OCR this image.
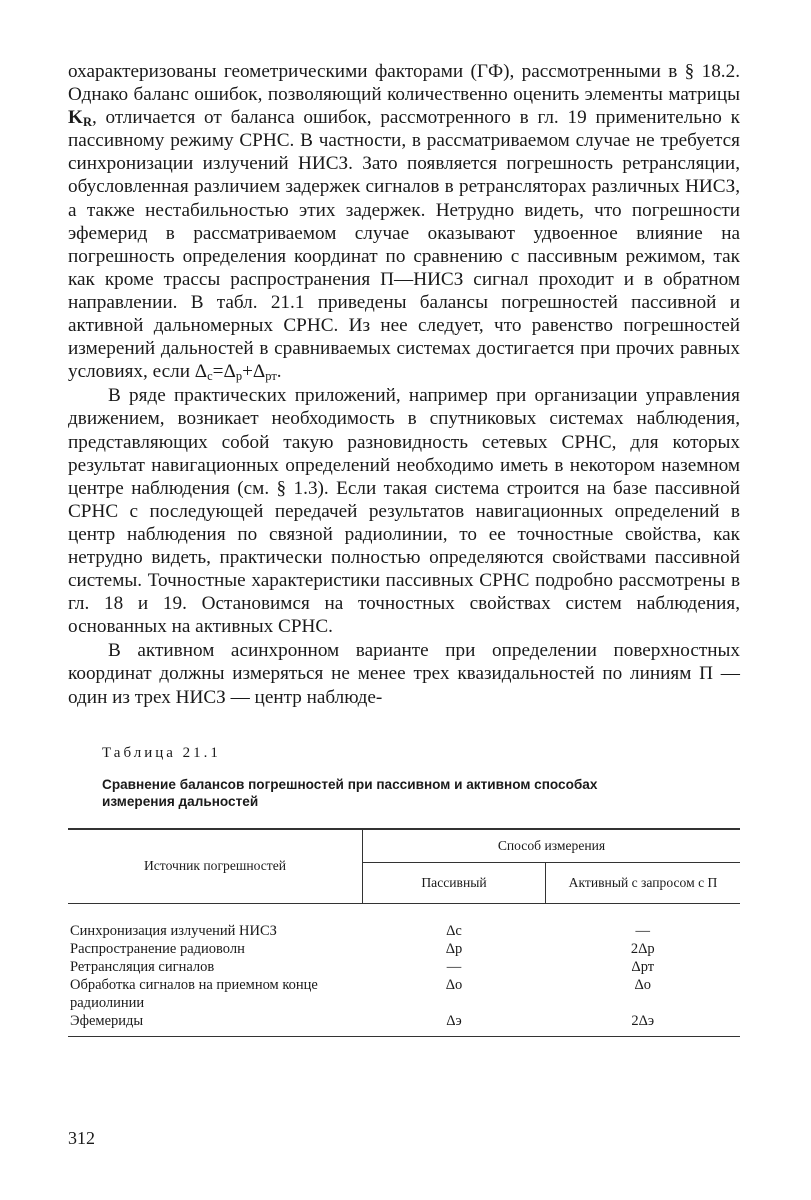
охарактеризованы геометрическими факторами (ГФ), рассмотренными в § 18.2. Однако баланс ошибок, позволяющий количественно оценить элементы матрицы $K_R$, отличается от баланса ошибок, рассмотренного в гл. 19 применительно к пассивному режиму СРНС. В частности, в рассматриваемом случае не требуется синхронизации излучений НИСЗ. Зато появляется погрешность ретрансляции, обусловленная различием задержек сигналов в ретрансляторах различных НИСЗ, а также нестабильностью этих задержек. Нетрудно видеть, что погрешности эфемерид в рассматриваемом случае оказывают удвоенное влияние на погрешность определения координат по сравнению с пассивным режимом, так как кроме трассы распространения П—НИСЗ сигнал проходит и в обратном направлении. В табл. 21.1 приведены балансы погрешностей пассивной и активной дальномерных СРНС. Из нее следует, что равенство погрешностей измерений дальностей в сравниваемых системах достигается при прочих равных условиях, если $\Delta_с=\Delta_р+\Delta_{рт}$.

В ряде практических приложений, например при организации управления движением, возникает необходимость в спутниковых системах наблюдения, представляющих собой такую разновидность сетевых СРНС, для которых результат навигационных определений необходимо иметь в некотором наземном центре наблюдения (см. § 1.3). Если такая система строится на базе пассивной СРНС с последующей передачей результатов навигационных определений в центр наблюдения по связной радиолинии, то ее точностные свойства, как нетрудно видеть, практически полностью определяются свойствами пассивной системы. Точностные характеристики пассивных СРНС подробно рассмотрены в гл. 18 и 19. Остановимся на точностных свойствах систем наблюдения, основанных на активных СРНС.

В активном асинхронном варианте при определении поверхностных координат должны измеряться не менее трех квазидальностей по линиям П — один из трех НИСЗ — центр наблюде-

Таблица 21.1
Сравнение балансов погрешностей при пассивном и активном способах измерения дальностей
Источник погрешностей	Способ измерения	
	Пассивный	Активный с запросом с П
Синхронизация излучений НИСЗ	Δс	—
Распространение радиоволн	Δр	2Δр
Ретрансляция сигналов	—	Δрт
Обработка сигналов на приемном конце радиолинии	Δо	Δо
Эфемериды	Δэ	2Δэ
312
